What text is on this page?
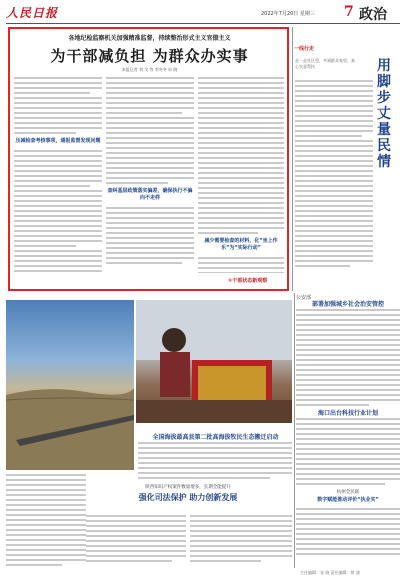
人民日报	2022年7月20日 星期三 7 政治
各地纪检监察机关加强精准监督，持续整治形式主义官僚主义
为干部减负担 为群众办实事
本报记者 刘 戈 等 李冬冬 申 晓
压减检查考核事项，通报监督发现问题
查纠基层政策落实偏差，确保执行不偏向不走样
减少需要检查的材料，化“坐上作乐”为“实际行动”
①干部状态新观察
一线行走
走一走社区里，多到群众家里，真心实意帮扶	用脚步丈量民情
全国海拔最高县第二批高海拔牧民生态搬迁启动
公安部
部署加强城乡社会治安管控
海口出台科技行业计划
杭州全民联
数字赋能推动评价“执业实”
陕西知识产权案件数量增多，长期全能提升
强化司法保护 助力创新发展
主任编辑：张 晓 责任编辑：徐 骁
